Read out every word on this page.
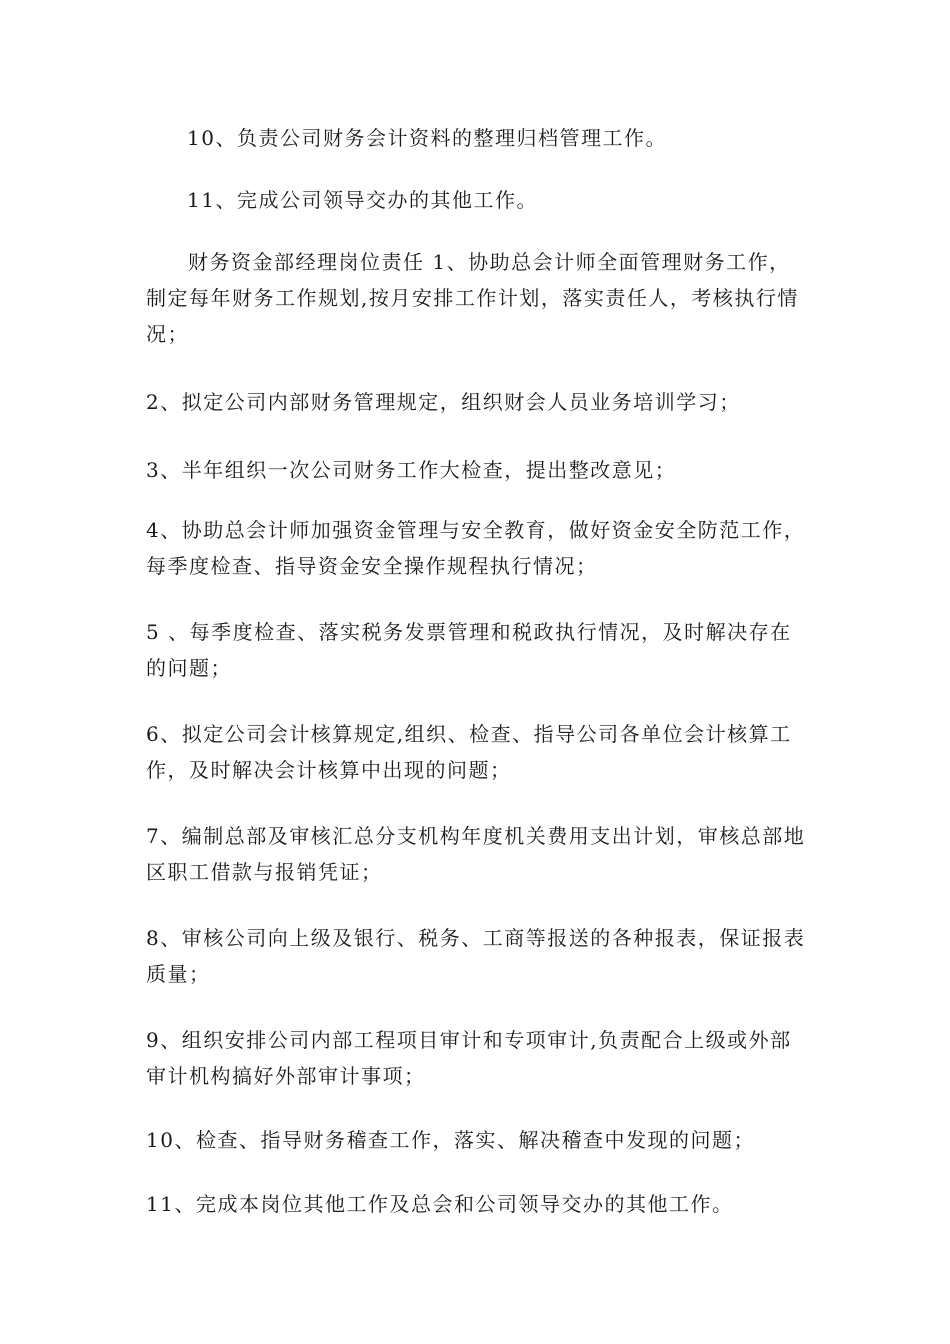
10、负责公司财务会计资料的整理归档管理工作。

11、完成公司领导交办的其他工作。

财务资金部经理岗位责任 1、协助总会计师全面管理财务工作，制定每年财务工作规划,按月安排工作计划，落实责任人，考核执行情况；

2、拟定公司内部财务管理规定，组织财会人员业务培训学习；

3、半年组织一次公司财务工作大检查，提出整改意见；

4、协助总会计师加强资金管理与安全教育，做好资金安全防范工作，每季度检查、指导资金安全操作规程执行情况；

5 、每季度检查、落实税务发票管理和税政执行情况，及时解决存在的问题；

6、拟定公司会计核算规定,组织、检查、指导公司各单位会计核算工作，及时解决会计核算中出现的问题；

7、编制总部及审核汇总分支机构年度机关费用支出计划，审核总部地区职工借款与报销凭证；

8、审核公司向上级及银行、税务、工商等报送的各种报表，保证报表质量；

9、组织安排公司内部工程项目审计和专项审计,负责配合上级或外部审计机构搞好外部审计事项；

10、检查、指导财务稽查工作，落实、解决稽查中发现的问题；

11、完成本岗位其他工作及总会和公司领导交办的其他工作。
